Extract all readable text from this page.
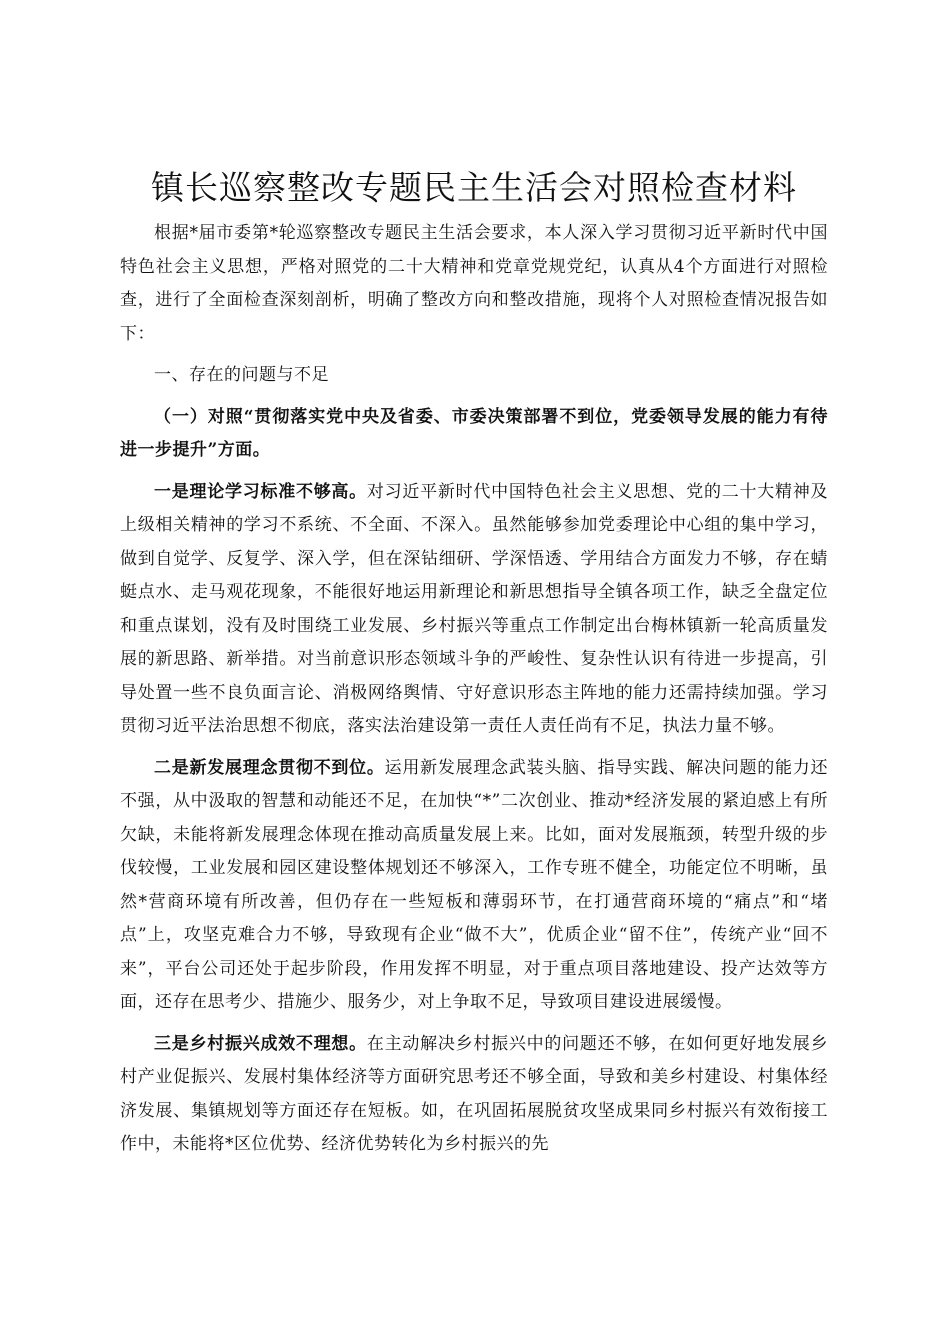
镇长巡察整改专题民主生活会对照检查材料

根据*届市委第*轮巡察整改专题民主生活会要求，本人深入学习贯彻习近平新时代中国特色社会主义思想，严格对照党的二十大精神和党章党规党纪，认真从4个方面进行对照检查，进行了全面检查深刻剖析，明确了整改方向和整改措施，现将个人对照检查情况报告如下：

一、存在的问题与不足

（一）对照“贯彻落实党中央及省委、市委决策部署不到位，党委领导发展的能力有待进一步提升”方面。

一是理论学习标准不够高。对习近平新时代中国特色社会主义思想、党的二十大精神及上级相关精神的学习不系统、不全面、不深入。虽然能够参加党委理论中心组的集中学习，做到自觉学、反复学、深入学，但在深钻细研、学深悟透、学用结合方面发力不够，存在蜻蜓点水、走马观花现象，不能很好地运用新理论和新思想指导全镇各项工作，缺乏全盘定位和重点谋划，没有及时围绕工业发展、乡村振兴等重点工作制定出台梅林镇新一轮高质量发展的新思路、新举措。对当前意识形态领域斗争的严峻性、复杂性认识有待进一步提高，引导处置一些不良负面言论、消极网络舆情、守好意识形态主阵地的能力还需持续加强。学习贯彻习近平法治思想不彻底，落实法治建设第一责任人责任尚有不足，执法力量不够。

二是新发展理念贯彻不到位。运用新发展理念武装头脑、指导实践、解决问题的能力还不强，从中汲取的智慧和动能还不足，在加快“*”二次创业、推动*经济发展的紧迫感上有所欠缺，未能将新发展理念体现在推动高质量发展上来。比如，面对发展瓶颈，转型升级的步伐较慢，工业发展和园区建设整体规划还不够深入，工作专班不健全，功能定位不明晰，虽然*营商环境有所改善，但仍存在一些短板和薄弱环节，在打通营商环境的“痛点”和“堵点”上，攻坚克难合力不够，导致现有企业“做不大”，优质企业“留不住”，传统产业“回不来”，平台公司还处于起步阶段，作用发挥不明显，对于重点项目落地建设、投产达效等方面，还存在思考少、措施少、服务少，对上争取不足，导致项目建设进展缓慢。

三是乡村振兴成效不理想。在主动解决乡村振兴中的问题还不够，在如何更好地发展乡村产业促振兴、发展村集体经济等方面研究思考还不够全面，导致和美乡村建设、村集体经济发展、集镇规划等方面还存在短板。如，在巩固拓展脱贫攻坚成果同乡村振兴有效衔接工作中，未能将*区位优势、经济优势转化为乡村振兴的先
